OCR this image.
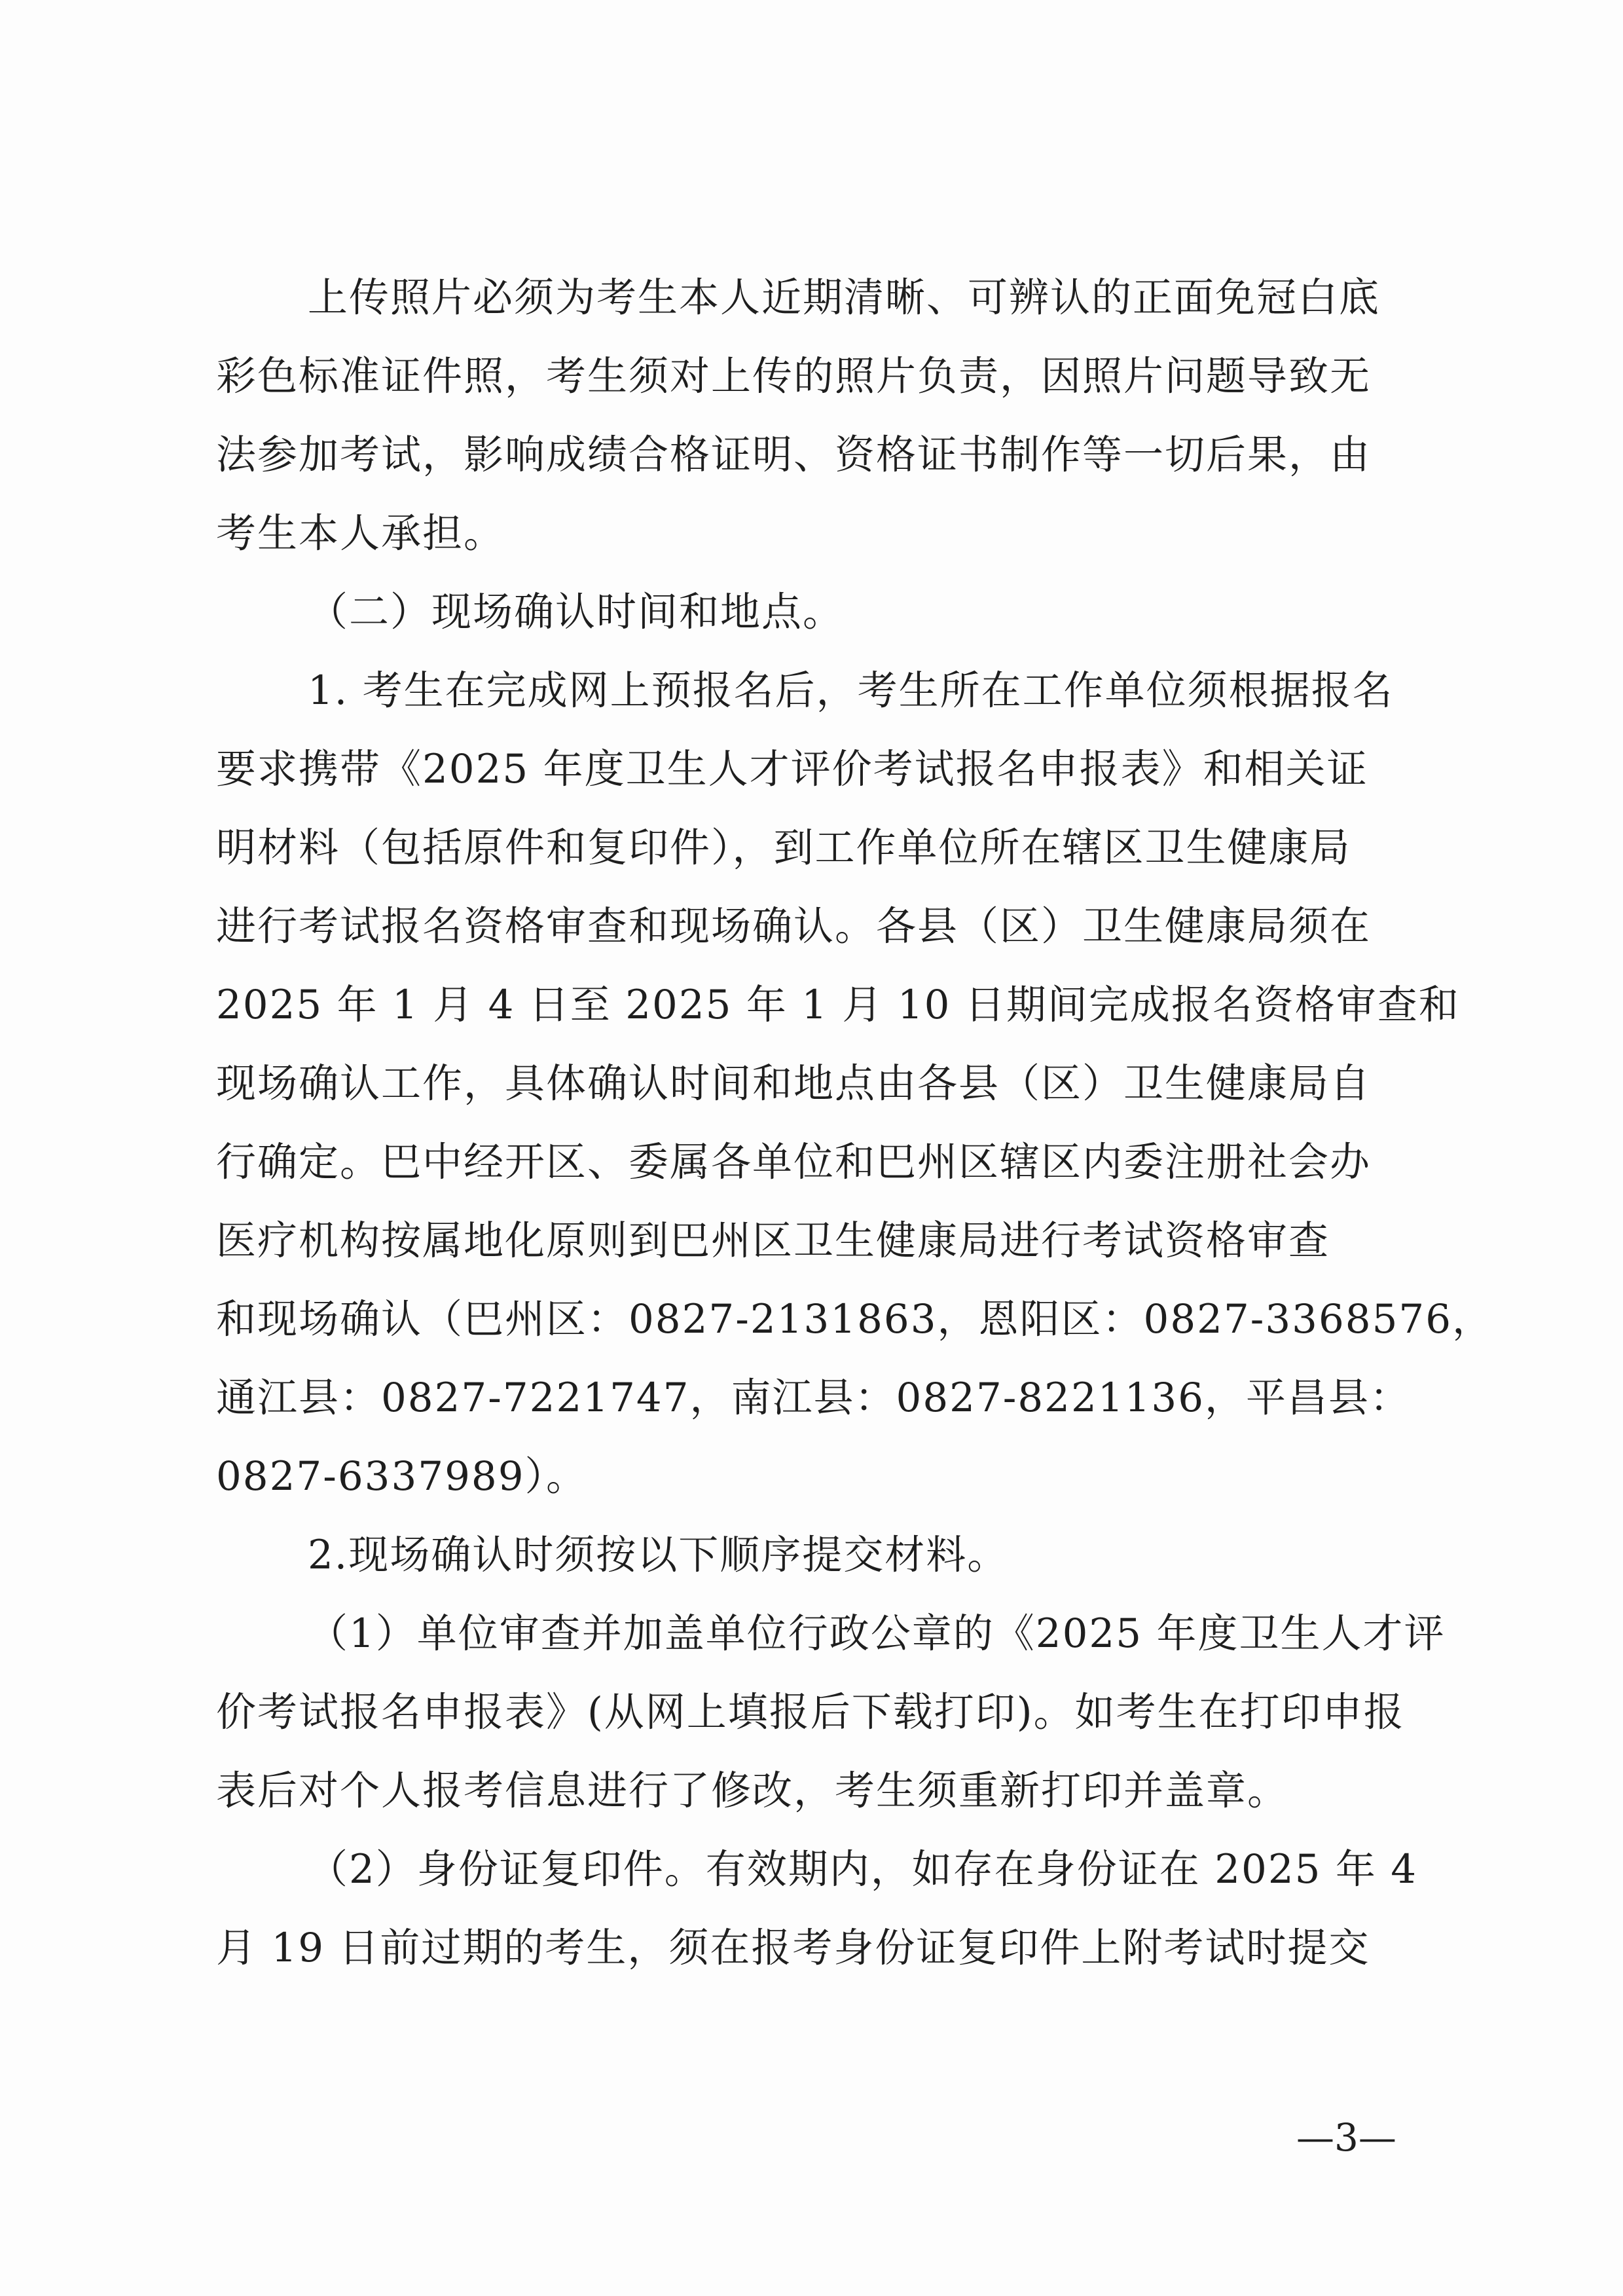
上传照片必须为考生本人近期清晰、可辨认的正面免冠白底
彩色标准证件照，考生须对上传的照片负责，因照片问题导致无
法参加考试，影响成绩合格证明、资格证书制作等一切后果，由
考生本人承担。
（二）现场确认时间和地点。
1. 考生在完成网上预报名后，考生所在工作单位须根据报名
要求携带《2025 年度卫生人才评价考试报名申报表》和相关证
明材料（包括原件和复印件），到工作单位所在辖区卫生健康局
进行考试报名资格审查和现场确认。各县（区）卫生健康局须在
2025 年 1 月 4 日至 2025 年 1 月 10 日期间完成报名资格审查和
现场确认工作，具体确认时间和地点由各县（区）卫生健康局自
行确定。巴中经开区、委属各单位和巴州区辖区内委注册社会办
医疗机构按属地化原则到巴州区卫生健康局进行考试资格审查
和现场确认（巴州区：0827-2131863，恩阳区：0827-3368576，
通江县：0827-7221747，南江县：0827-8221136，平昌县：
0827-6337989）。
2.现场确认时须按以下顺序提交材料。
（1）单位审查并加盖单位行政公章的《2025 年度卫生人才评
价考试报名申报表》(从网上填报后下载打印)。如考生在打印申报
表后对个人报考信息进行了修改，考生须重新打印并盖章。
（2）身份证复印件。有效期内，如存在身份证在 2025 年 4
月 19 日前过期的考生，须在报考身份证复印件上附考试时提交
—3—
